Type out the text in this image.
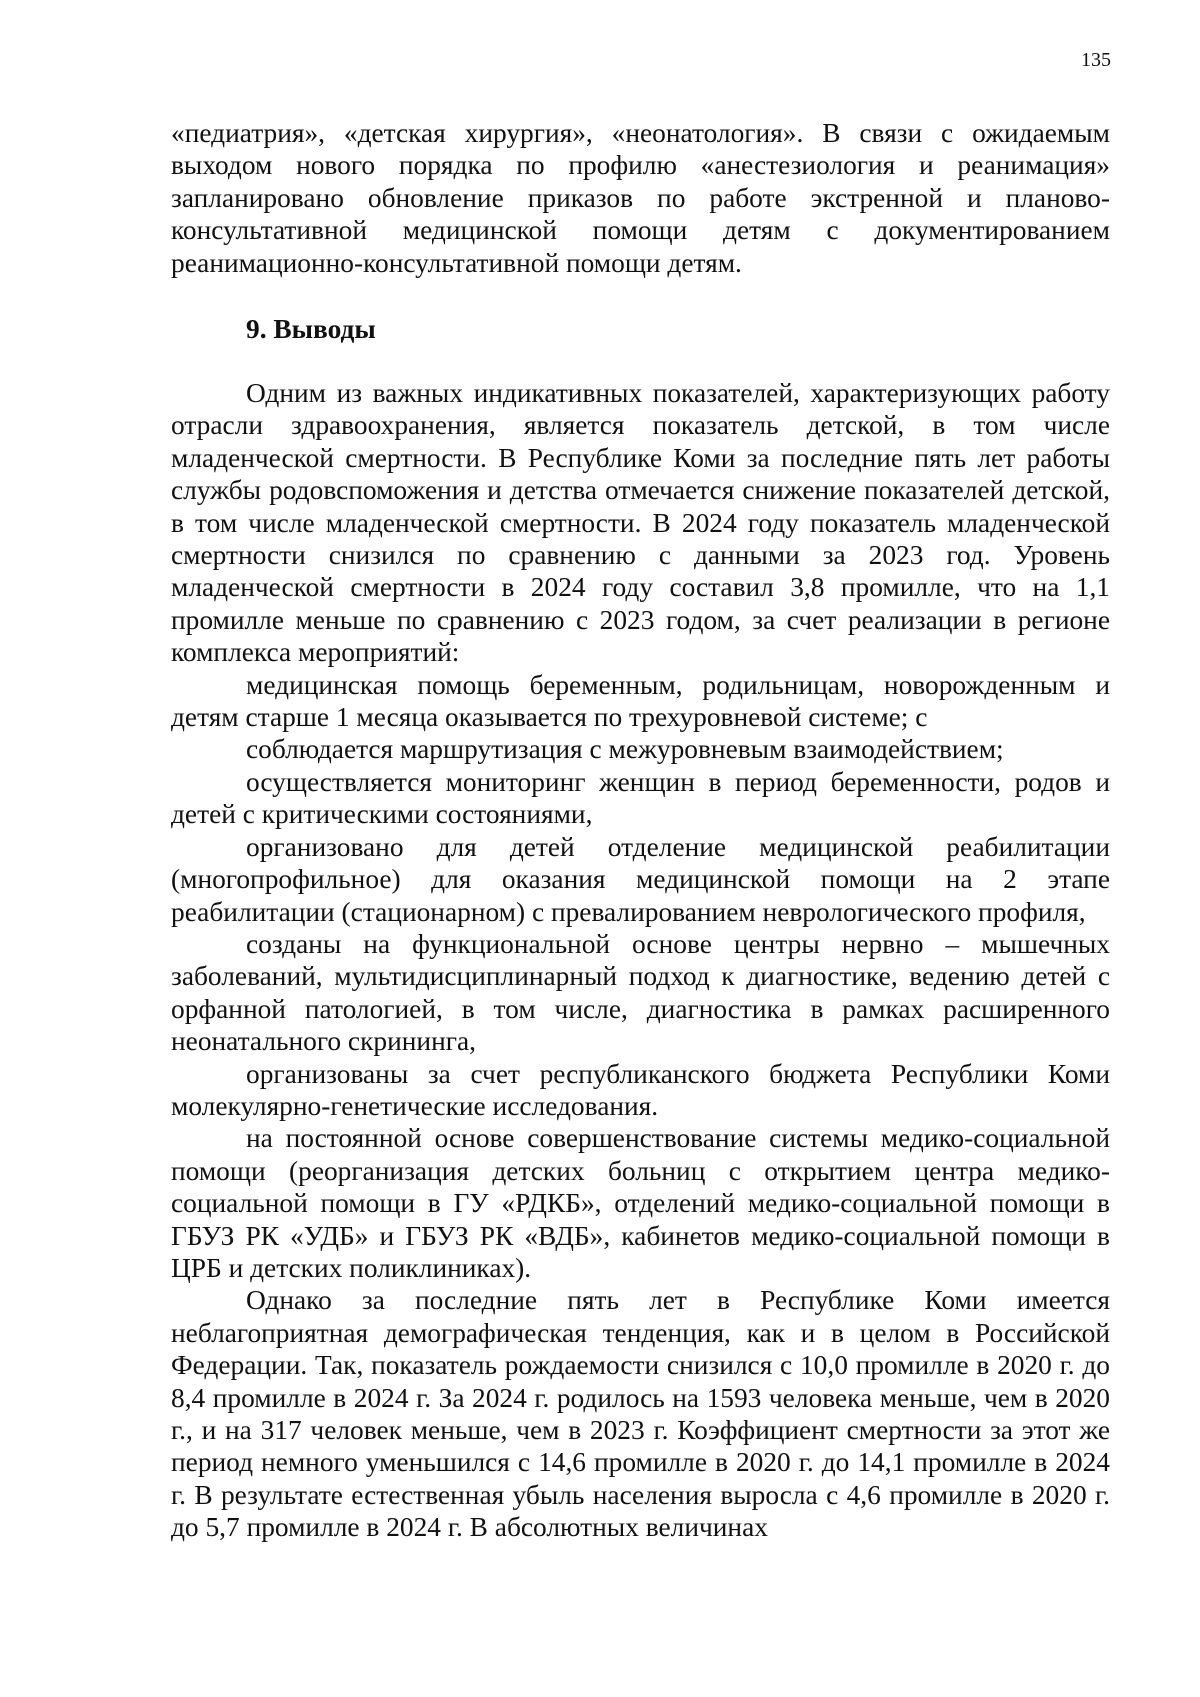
135

«педиатрия», «детская хирургия», «неонатология». В связи с ожидаемым выходом нового порядка по профилю «анестезиология и реанимация» запланировано обновление приказов по работе экстренной и планово-консультативной медицинской помощи детям с документированием реанимационно-консультативной помощи детям.

9. Выводы

Одним из важных индикативных показателей, характеризующих работу отрасли здравоохранения, является показатель детской, в том числе младенческой смертности. В Республике Коми за последние пять лет работы службы родовспоможения и детства отмечается снижение показателей детской, в том числе младенческой смертности. В 2024 году показатель младенческой смертности снизился по сравнению с данными за 2023 год. Уровень младенческой смертности в 2024 году составил 3,8 промилле, что на 1,1 промилле меньше по сравнению с 2023 годом, за счет реализации в регионе комплекса мероприятий:

медицинская помощь беременным, родильницам, новорожденным и детям старше 1 месяца оказывается по трехуровневой системе; с

соблюдается маршрутизация с межуровневым взаимодействием;

осуществляется мониторинг женщин в период беременности, родов и детей с критическими состояниями,

организовано для детей отделение медицинской реабилитации (многопрофильное) для оказания медицинской помощи на 2 этапе реабилитации (стационарном) с превалированием неврологического профиля,

созданы на функциональной основе центры нервно – мышечных заболеваний, мультидисциплинарный подход к диагностике, ведению детей с орфанной патологией, в том числе, диагностика в рамках расширенного неонатального скрининга,

организованы за счет республиканского бюджета Республики Коми молекулярно-генетические исследования.

на постоянной основе совершенствование системы медико-социальной помощи (реорганизация детских больниц с открытием центра медико-социальной помощи в ГУ «РДКБ», отделений медико-социальной помощи в ГБУЗ РК «УДБ» и ГБУЗ РК «ВДБ», кабинетов медико-социальной помощи в ЦРБ и детских поликлиниках).

Однако за последние пять лет в Республике Коми имеется неблагоприятная демографическая тенденция, как и в целом в Российской Федерации. Так, показатель рождаемости снизился с 10,0 промилле в 2020 г. до 8,4 промилле в 2024 г. За 2024 г. родилось на 1593 человека меньше, чем в 2020 г., и на 317 человек меньше, чем в 2023 г. Коэффициент смертности за этот же период немного уменьшился с 14,6 промилле в 2020 г. до 14,1 промилле в 2024 г. В результате естественная убыль населения выросла с 4,6 промилле в 2020 г. до 5,7 промилле в 2024 г. В абсолютных величинах
